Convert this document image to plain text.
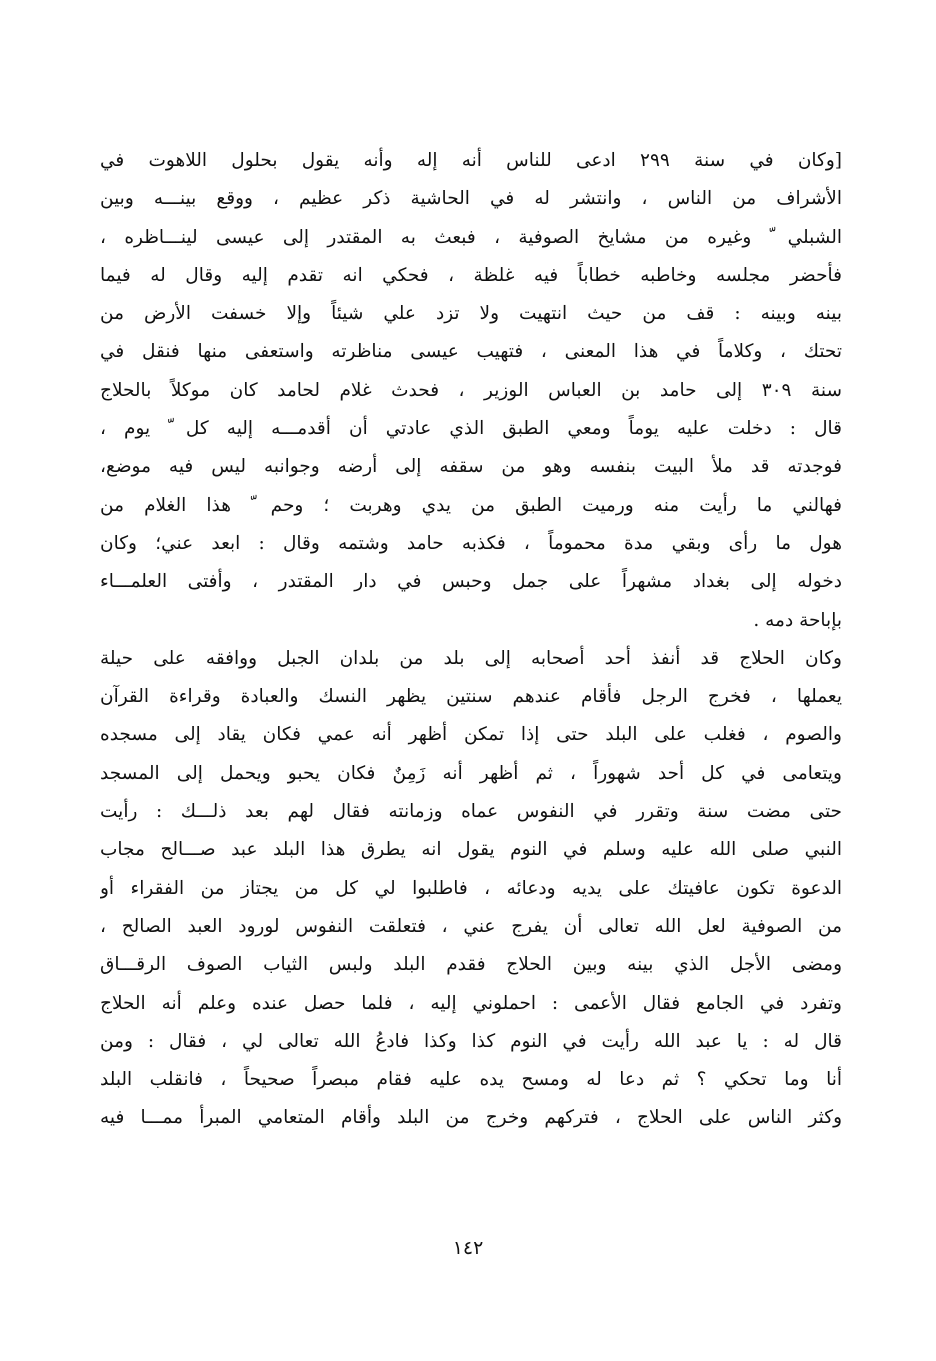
[وكان في سنة ٢٩٩ ادعى للناس أنه إله وأنه يقول بحلول اللاهوت في
الأشراف من الناس ، وانتشر له في الحاشية ذكر عظيم ، ووقع بينـــه وبين
الشبلي ّ وغيره من مشايخ الصوفية ، فبعث به المقتدر إلى عيسى لينـــاظره ،
فأحضر مجلسه وخاطبه خطاباً فيه غلظة ، فحكي انه تقدم إليه وقال له فيما
بينه وبينه : قف من حيث انتهيت ولا تزد علي شيئاً وإلا خسفت الأرض من
تحتك ، وكلاماً في هذا المعنى ، فتهيب عيسى مناظرته واستعفى منها فنقل في
سنة ٣٠٩ إلى حامد بن العباس الوزير ، فحدث غلام لحامد كان موكلاً بالحلاج
قال : دخلت عليه يوماً ومعي الطبق الذي عادتي أن أقدمـــه إليه كل ّ يوم ،
فوجدته قد ملأ البيت بنفسه وهو من سقفه إلى أرضه وجوانبه ليس فيه موضع،
فهالني ما رأيت منه ورميت الطبق من يدي وهربت ؛ وحم ّ هذا الغلام من
هول ما رأى وبقي مدة محموماً ، فكذبه حامد وشتمه وقال : ابعد عني؛ وكان
دخوله إلى بغداد مشهراً على جمل وحبس في دار المقتدر ، وأفتى العلمـــاء
بإباحة دمه .
وكان الحلاج قد أنفذ أحد أصحابه إلى بلد من بلدان الجبل ووافقه على حيلة
يعملها ، فخرج الرجل فأقام عندهم سنتين يظهر النسك والعبادة وقراءة القرآن
والصوم ، فغلب على البلد حتى إذا تمكن أظهر أنه عمي فكان يقاد إلى مسجده
ويتعامى في كل أحد شهوراً ، ثم أظهر أنه زَمِنٌ فكان يحبو ويحمل إلى المسجد
حتى مضت سنة وتقرر في النفوس عماه وزمانته فقال لهم بعد ذلـــك : رأيت
النبي صلى الله عليه وسلم في النوم يقول انه يطرق هذا البلد عبد صـــالح مجاب
الدعوة تكون عافيتك على يديه ودعائه ، فاطلبوا لي كل من يجتاز من الفقراء أو
من الصوفية لعل الله تعالى أن يفرج عني ، فتعلقت النفوس لورود العبد الصالح ،
ومضى الأجل الذي بينه وبين الحلاج فقدم البلد ولبس الثياب الصوف الرقـــاق
وتفرد في الجامع فقال الأعمى : احملوني إليه ، فلما حصل عنده وعلم أنه الحلاج
قال له : يا عبد الله رأيت في النوم كذا وكذا فادعُ الله تعالى لي ، فقال : ومن
أنا وما تحكي ؟ ثم دعا له ومسح يده عليه فقام مبصراً صحيحاً ، فانقلب البلد
وكثر الناس على الحلاج ، فتركهم وخرج من البلد وأقام المتعامي المبرأ ممـــا فيه
١٤٢
